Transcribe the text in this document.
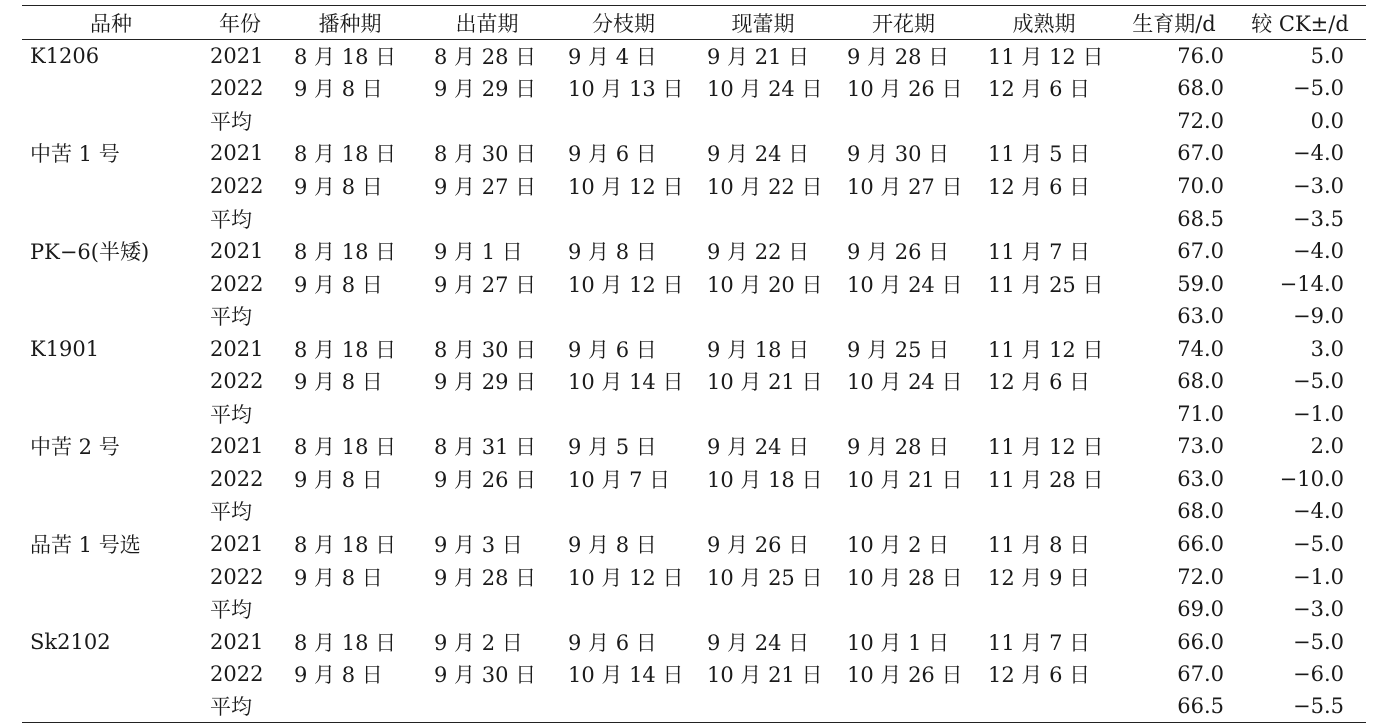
品种	年份	播种期	出苗期	分枝期	现蕾期	开花期	成熟期	生育期/d	较 CK±/d
K1206	2021	8 月 18 日	8 月 28 日	9 月 4 日	9 月 21 日	9 月 28 日	11 月 12 日	76.0	5.0
	2022	9 月 8 日	9 月 29 日	10 月 13 日	10 月 24 日	10 月 26 日	12 月 6 日	68.0	−5.0
	平均							72.0	0.0
中苦 1 号	2021	8 月 18 日	8 月 30 日	9 月 6 日	9 月 24 日	9 月 30 日	11 月 5 日	67.0	−4.0
	2022	9 月 8 日	9 月 27 日	10 月 12 日	10 月 22 日	10 月 27 日	12 月 6 日	70.0	−3.0
	平均							68.5	−3.5
PK−6(半矮)	2021	8 月 18 日	9 月 1 日	9 月 8 日	9 月 22 日	9 月 26 日	11 月 7 日	67.0	−4.0
	2022	9 月 8 日	9 月 27 日	10 月 12 日	10 月 20 日	10 月 24 日	11 月 25 日	59.0	−14.0
	平均							63.0	−9.0
K1901	2021	8 月 18 日	8 月 30 日	9 月 6 日	9 月 18 日	9 月 25 日	11 月 12 日	74.0	3.0
	2022	9 月 8 日	9 月 29 日	10 月 14 日	10 月 21 日	10 月 24 日	12 月 6 日	68.0	−5.0
	平均							71.0	−1.0
中苦 2 号	2021	8 月 18 日	8 月 31 日	9 月 5 日	9 月 24 日	9 月 28 日	11 月 12 日	73.0	2.0
	2022	9 月 8 日	9 月 26 日	10 月 7 日	10 月 18 日	10 月 21 日	11 月 28 日	63.0	−10.0
	平均							68.0	−4.0
品苦 1 号选	2021	8 月 18 日	9 月 3 日	9 月 8 日	9 月 26 日	10 月 2 日	11 月 8 日	66.0	−5.0
	2022	9 月 8 日	9 月 28 日	10 月 12 日	10 月 25 日	10 月 28 日	12 月 9 日	72.0	−1.0
	平均							69.0	−3.0
Sk2102	2021	8 月 18 日	9 月 2 日	9 月 6 日	9 月 24 日	10 月 1 日	11 月 7 日	66.0	−5.0
	2022	9 月 8 日	9 月 30 日	10 月 14 日	10 月 21 日	10 月 26 日	12 月 6 日	67.0	−6.0
	平均							66.5	−5.5
